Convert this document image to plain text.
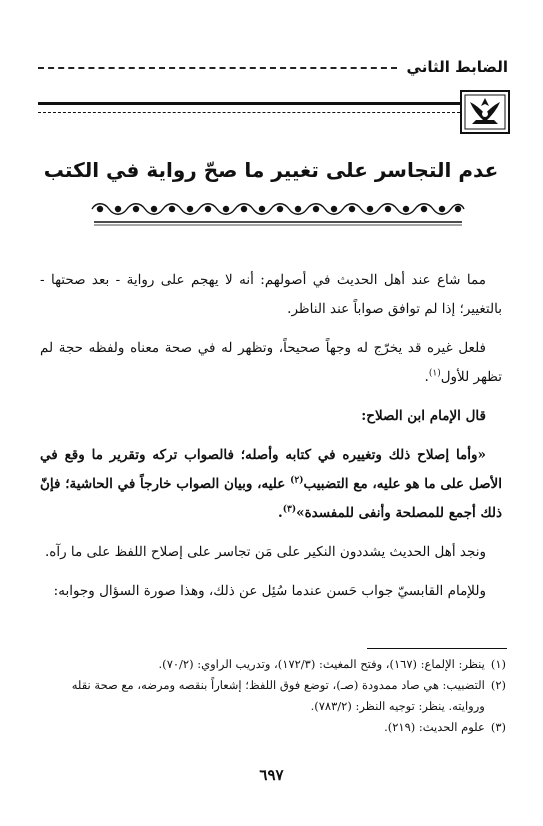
الضابط الثاني
عدم التجاسر على تغيير ما صحّ رواية في الكتب

مما شاع عند أهل الحديث في أصولهم: أنه لا يهجم على رواية - بعد صحتها - بالتغيير؛ إذا لم توافق صواباً عند الناظر.

فلعل غيره قد يخرّج له وجهاً صحيحاً، وتظهر له في صحة معناه ولفظه حجة لم تظهر للأول$^{(١)}$.

قال الإمام ابن الصلاح:

«وأما إصلاح ذلك وتغييره في كتابه وأصله؛ فالصواب تركه وتقرير ما وقع في الأصل على ما هو عليه، مع التضبيب$^{(٢)}$ عليه، وبيان الصواب خارجاً في الحاشية؛ فإنّ ذلك أجمع للمصلحة وأنفى للمفسدة»$^{(٣)}$.

ونجد أهل الحديث يشددون النكير على مَن تجاسر على إصلاح اللفظ على ما رآه.

وللإمام القابسيّ جواب حَسن عندما سُئِل عن ذلك، وهذا صورة السؤال وجوابه:

(١)
ينظر: الإلماع: (١٦٧)، وفتح المغيث: (١٧٢/٣)، وتدريب الراوي: (٧٠/٢).
(٢)
التضبيب: هي صاد ممدودة (صـ)، توضع فوق اللفظ؛ إشعاراً بنقصه ومرضه، مع صحة نقله وروايته. ينظر: توجيه النظر: (٧٨٣/٢).
(٣)
علوم الحديث: (٢١٩).
٦٩٧
